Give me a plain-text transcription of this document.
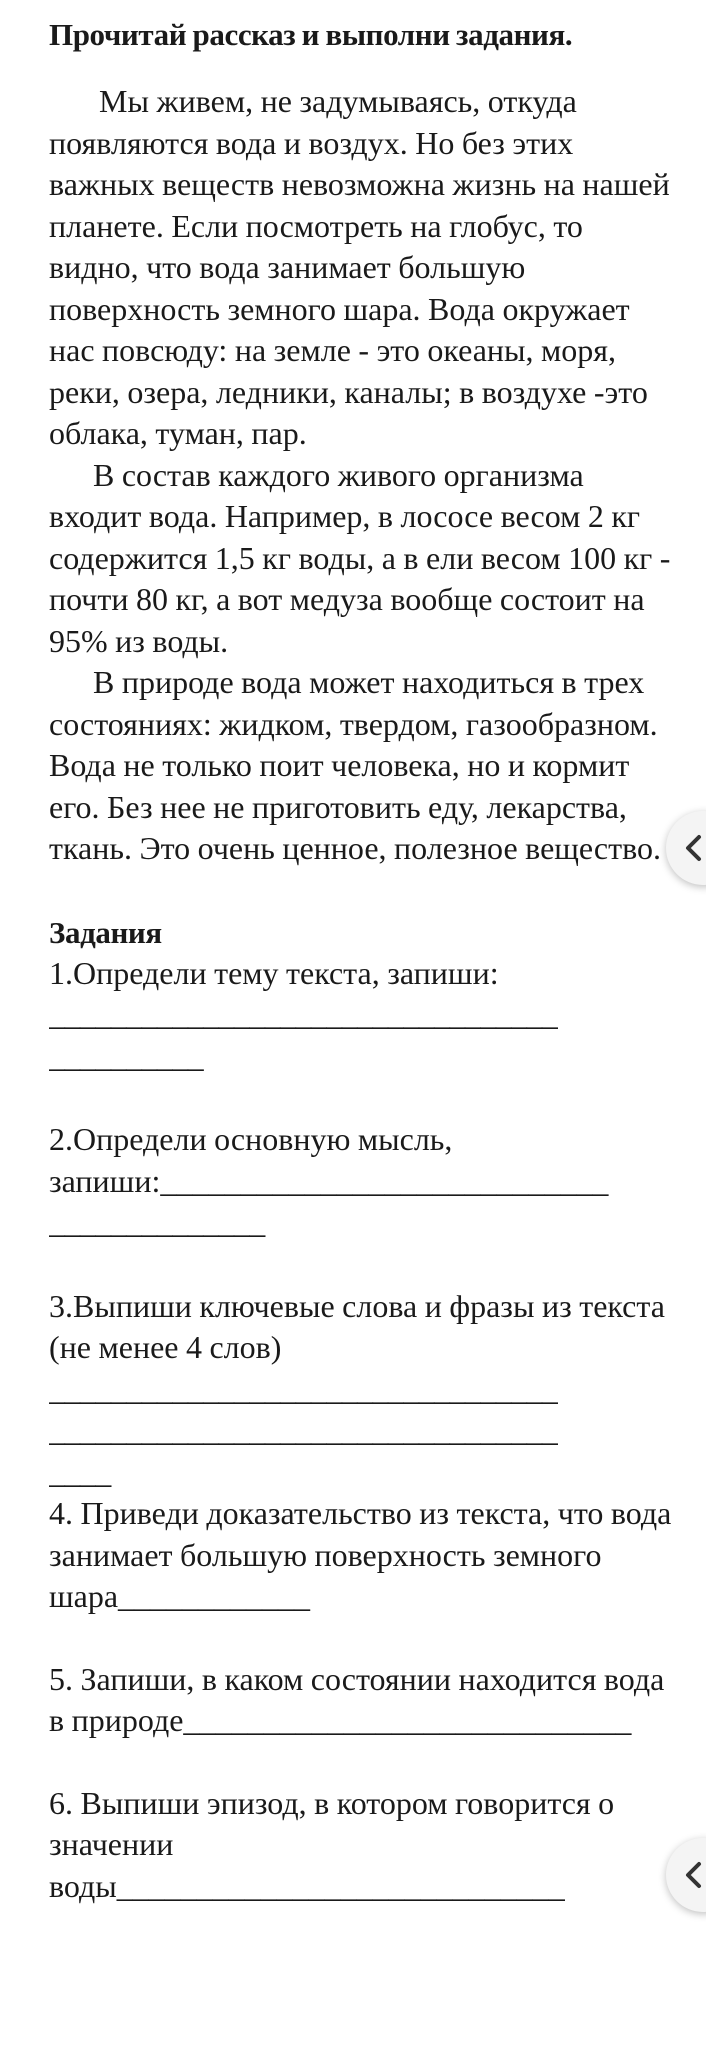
Прочитай рассказ и выполни задания.

Мы живем, не задумываясь, откуда появляются вода и воздух. Но без этих важных веществ невозможна жизнь на нашей планете. Если посмотреть на глобус, то видно, что вода занимает большую поверхность земного шара. Вода окружает нас повсюду: на земле - это океаны, моря, реки, озера, ледники, каналы; в воздухе -это облака, туман, пар.

В состав каждого живого организма входит вода. Например, в лососе весом 2 кг содержится 1,5 кг воды, а в ели весом 100 кг - почти 80 кг, а вот медуза вообще состоит на 95% из воды.

В природе вода может находиться в трех состояниях: жидком, твердом, газообразном. Вода не только поит человека, но и кормит его. Без нее не приготовить еду, лекарства, ткань. Это очень ценное, полезное вещество.

Задания

1.Определи тему текста, запиши:

_________________________________

__________

2.Определи основную мысль, запиши:____________________________

______________

3.Выпиши ключевые слова и фразы из текста (не менее 4 слов)

_________________________________

_________________________________

____

4. Приведи доказательство из текста, что вода занимает большую поверхность земного шара____________

5. Запиши, в каком состоянии находится вода в природе____________________________

6. Выпиши эпизод, в котором говорится о значении воды____________________________
